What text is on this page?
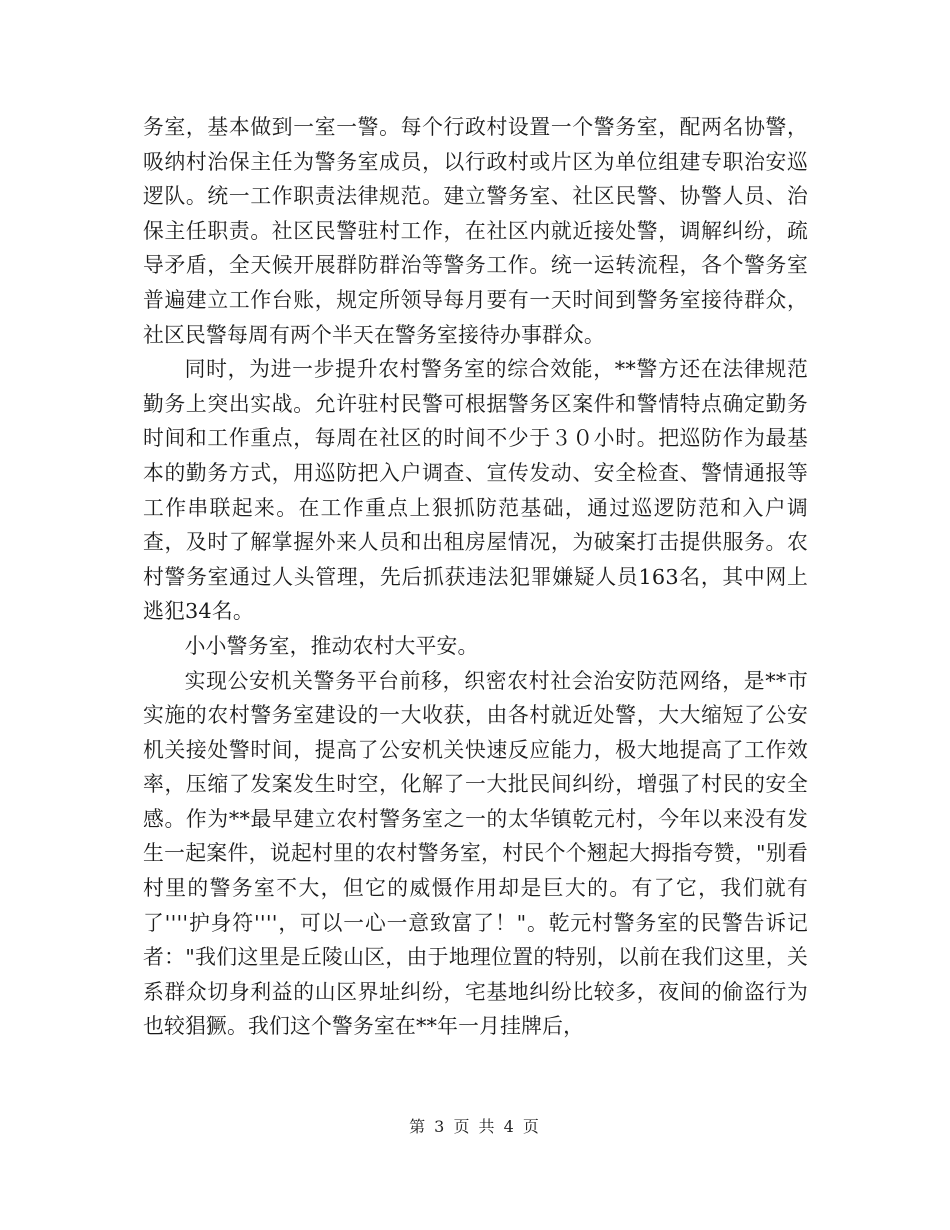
务室，基本做到一室一警。每个行政村设置一个警务室，配两名协警，吸纳村治保主任为警务室成员，以行政村或片区为单位组建专职治安巡逻队。统一工作职责法律规范。建立警务室、社区民警、协警人员、治保主任职责。社区民警驻村工作，在社区内就近接处警，调解纠纷，疏导矛盾，全天候开展群防群治等警务工作。统一运转流程，各个警务室普遍建立工作台账，规定所领导每月要有一天时间到警务室接待群众，社区民警每周有两个半天在警务室接待办事群众。

同时，为进一步提升农村警务室的综合效能，**警方还在法律规范勤务上突出实战。允许驻村民警可根据警务区案件和警情特点确定勤务时间和工作重点，每周在社区的时间不少于３０小时。把巡防作为最基本的勤务方式，用巡防把入户调查、宣传发动、安全检查、警情通报等工作串联起来。在工作重点上狠抓防范基础，通过巡逻防范和入户调查，及时了解掌握外来人员和出租房屋情况，为破案打击提供服务。农村警务室通过人头管理，先后抓获违法犯罪嫌疑人员163名，其中网上逃犯34名。

小小警务室，推动农村大平安。

实现公安机关警务平台前移，织密农村社会治安防范网络，是**市实施的农村警务室建设的一大收获，由各村就近处警，大大缩短了公安机关接处警时间，提高了公安机关快速反应能力，极大地提高了工作效率，压缩了发案发生时空，化解了一大批民间纠纷，增强了村民的安全感。作为**最早建立农村警务室之一的太华镇乾元村，今年以来没有发生一起案件，说起村里的农村警务室，村民个个翘起大拇指夸赞，"别看村里的警务室不大，但它的威慑作用却是巨大的。有了它，我们就有了''''护身符''''，可以一心一意致富了！"。乾元村警务室的民警告诉记者："我们这里是丘陵山区，由于地理位置的特别，以前在我们这里，关系群众切身利益的山区界址纠纷，宅基地纠纷比较多，夜间的偷盗行为也较猖獗。我们这个警务室在**年一月挂牌后，

第 3 页 共 4 页
